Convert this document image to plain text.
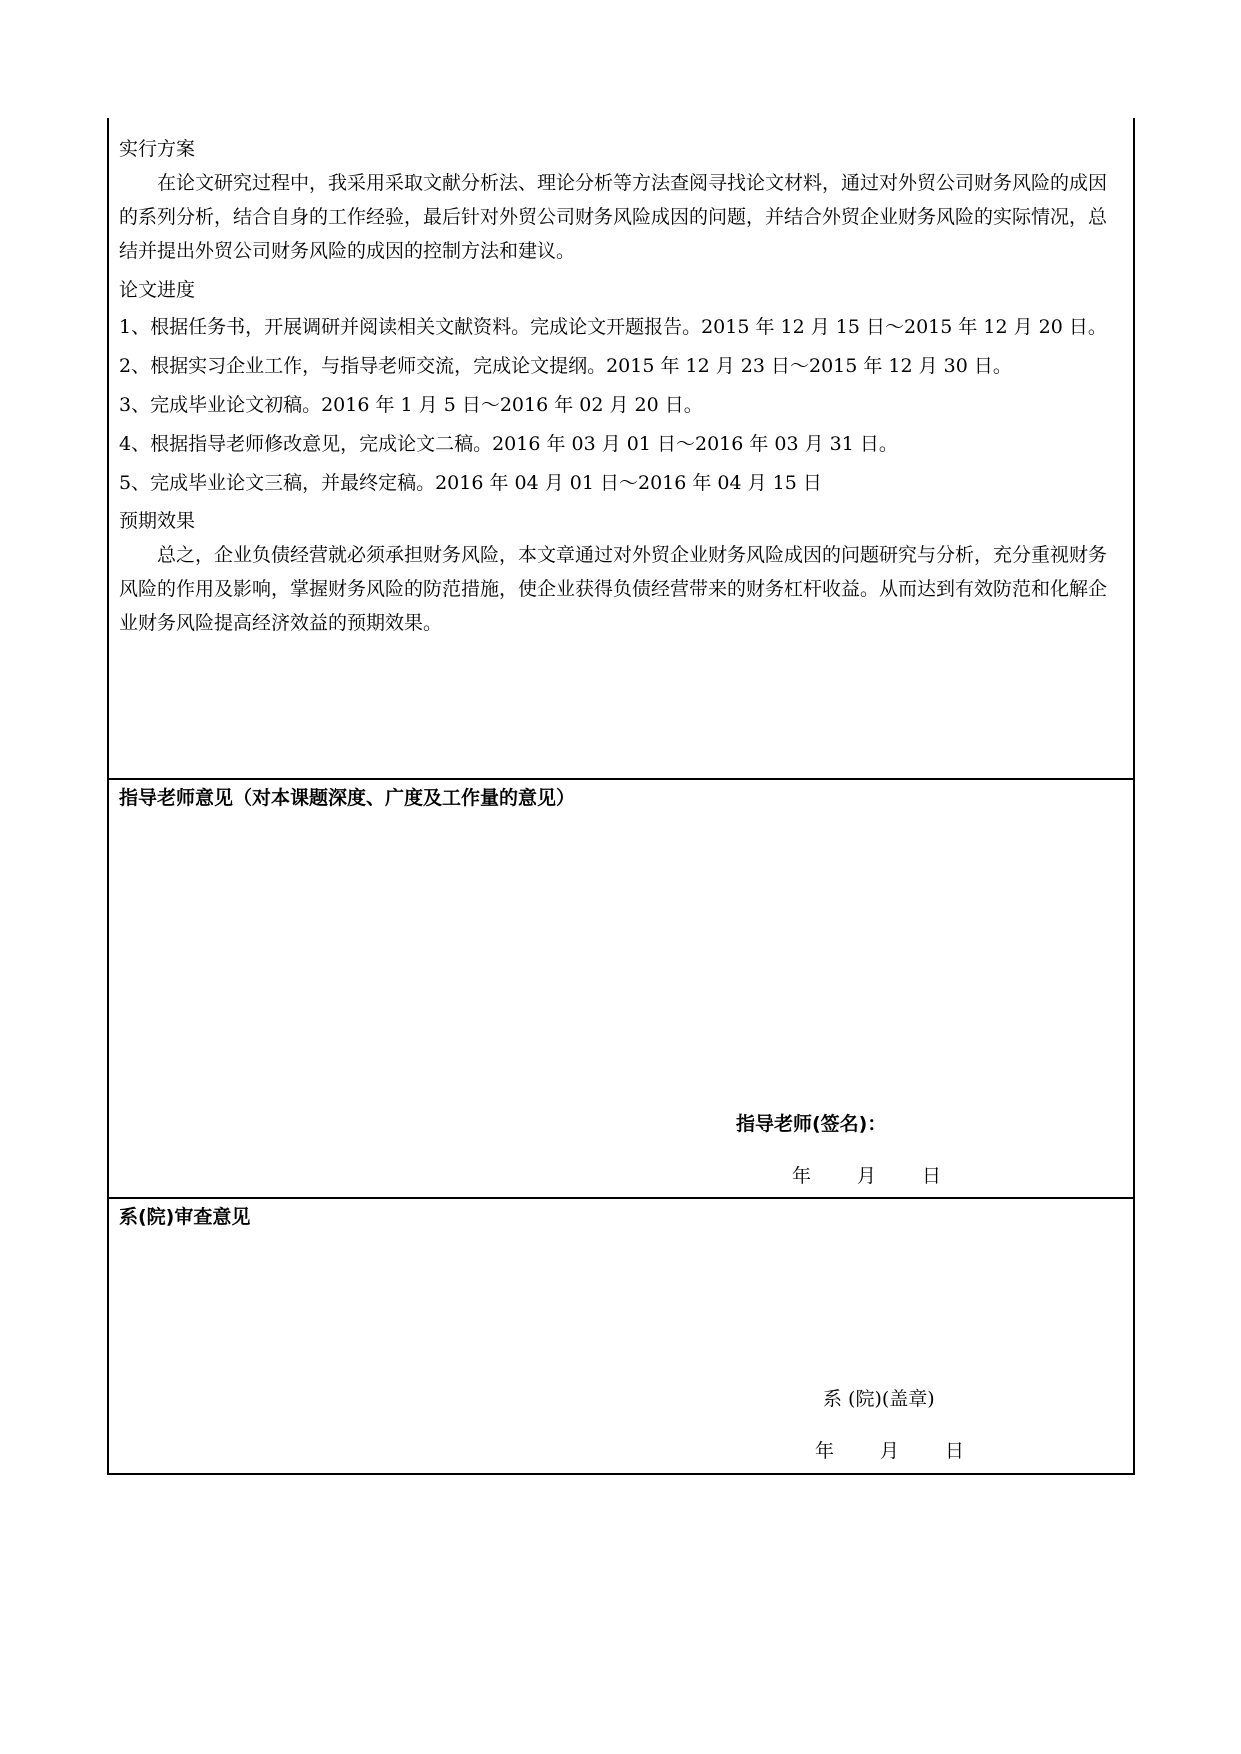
实行方案

在论文研究过程中，我采用采取文献分析法、理论分析等方法查阅寻找论文材料，通过对外贸公司财务风险的成因的系列分析，结合自身的工作经验，最后针对外贸公司财务风险成因的问题，并结合外贸企业财务风险的实际情况，总结并提出外贸公司财务风险的成因的控制方法和建议。

论文进度

1、根据任务书，开展调研并阅读相关文献资料。完成论文开题报告。2015 年 12 月 15 日～2015 年 12 月 20 日。

2、根据实习企业工作，与指导老师交流，完成论文提纲。2015 年 12 月 23 日～2015 年 12 月 30 日。

3、完成毕业论文初稿。2016 年 1 月 5 日～2016 年 02 月 20 日。

4、根据指导老师修改意见，完成论文二稿。2016 年 03 月 01 日～2016 年 03 月 31 日。

5、完成毕业论文三稿，并最终定稿。2016 年 04 月 01 日～2016 年 04 月 15 日

预期效果

总之，企业负债经营就必须承担财务风险，本文章通过对外贸企业财务风险成因的问题研究与分析，充分重视财务风险的作用及影响，掌握财务风险的防范措施，使企业获得负债经营带来的财务杠杆收益。从而达到有效防范和化解企业财务风险提高经济效益的预期效果。

指导老师意见（对本课题深度、广度及工作量的意见）

指导老师(签名)：
年 月 日

系(院)审查意见

系 (院)(盖章)
年 月 日
